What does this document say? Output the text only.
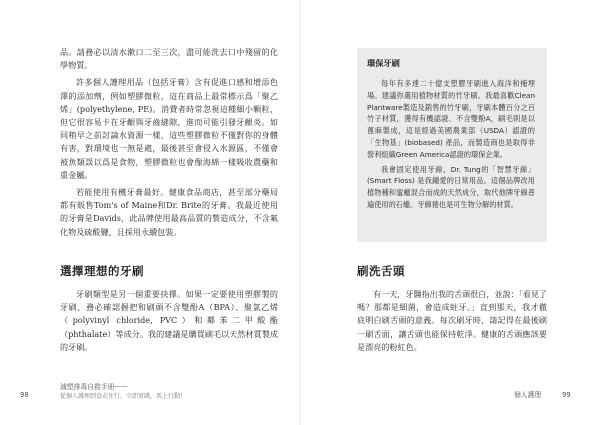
品。請務必以清水漱口二至三次，盡可能洗去口中殘留的化學物質。

許多個人護理用品（包括牙膏）含有促進口感和增添色澤的添加劑，例如塑膠微粒，這在商品上最常標示爲「聚乙烯」(polyethylene, PE)。消費者時常忽視這種細小顆粒，但它很容易卡在牙齦與牙齒縫隙，進而可能引發牙齦炎。如同稍早之前討論水資源一樣，這些塑膠微粒不僅對你的身體有害，對環境也一無是處，最後甚至會侵入水源區，不僅會被魚類誤以爲是食物，塑膠微粒也會像海綿一樣吸收農藥和重金屬。

若能使用有機牙膏最好。健康食品商店，甚至部分藥局都有販售Tom's of Maine和Dr. Brite的牙膏。我最近使用的牙膏是Davids，此品牌使用最高品質的製造成分，不含氟化物及硫酸鹽，且採用永續包裝。

選擇理想的牙刷

牙刷類型是另一個重要抉擇。如果一定要使用塑膠製的牙刷，務必確認握把和刷頭不含雙酚A（BPA）、聚氯乙烯（polyvinyl chloride, PVC）和鄰苯二甲酸酯（phthalate）等成分。我的建議是購買刷毛以天然材質製成的牙刷。

98
減塑排毒自救手冊——
從個人護理到食衣住行，立即實踐，馬上行動！
環保牙刷

每年有多達二十億支塑膠牙刷進入海洋和掩埋場。建議你選用植物材質的竹牙刷。我最喜歡Clean Plantware製造及銷售的竹牙刷，牙刷本體百分之百竹子材質，獲得有機認證、不含雙酚A，刷毛則是以蓖麻製成，這是經過美國農業部（USDA）認證的「生物基」(biobased) 產品，而製造商也是取得非營利組織Green America認證的環保企業。

我會固定使用牙線，Dr. Tung的「智慧牙線」(Smart Floss) 是我鍾愛的日常用品。這個品牌改用植物種和蜜蠟混合而成的天然成分，取代他牌牙線普遍使用的石蠟。牙線捲也是可生物分解的材質。

刷洗舌頭

有一天，牙醫指出我的舌頭很白，並說：「看見了嗎？那都是細菌，會造成蛀牙。」直到那天，我才徹底明白刷舌頭的意義。每次刷牙時，請記得在最後刷一刷舌面，讓舌頭也能保持乾淨。健康的舌頭應該要是漂亮的粉紅色。

個人護理	99
